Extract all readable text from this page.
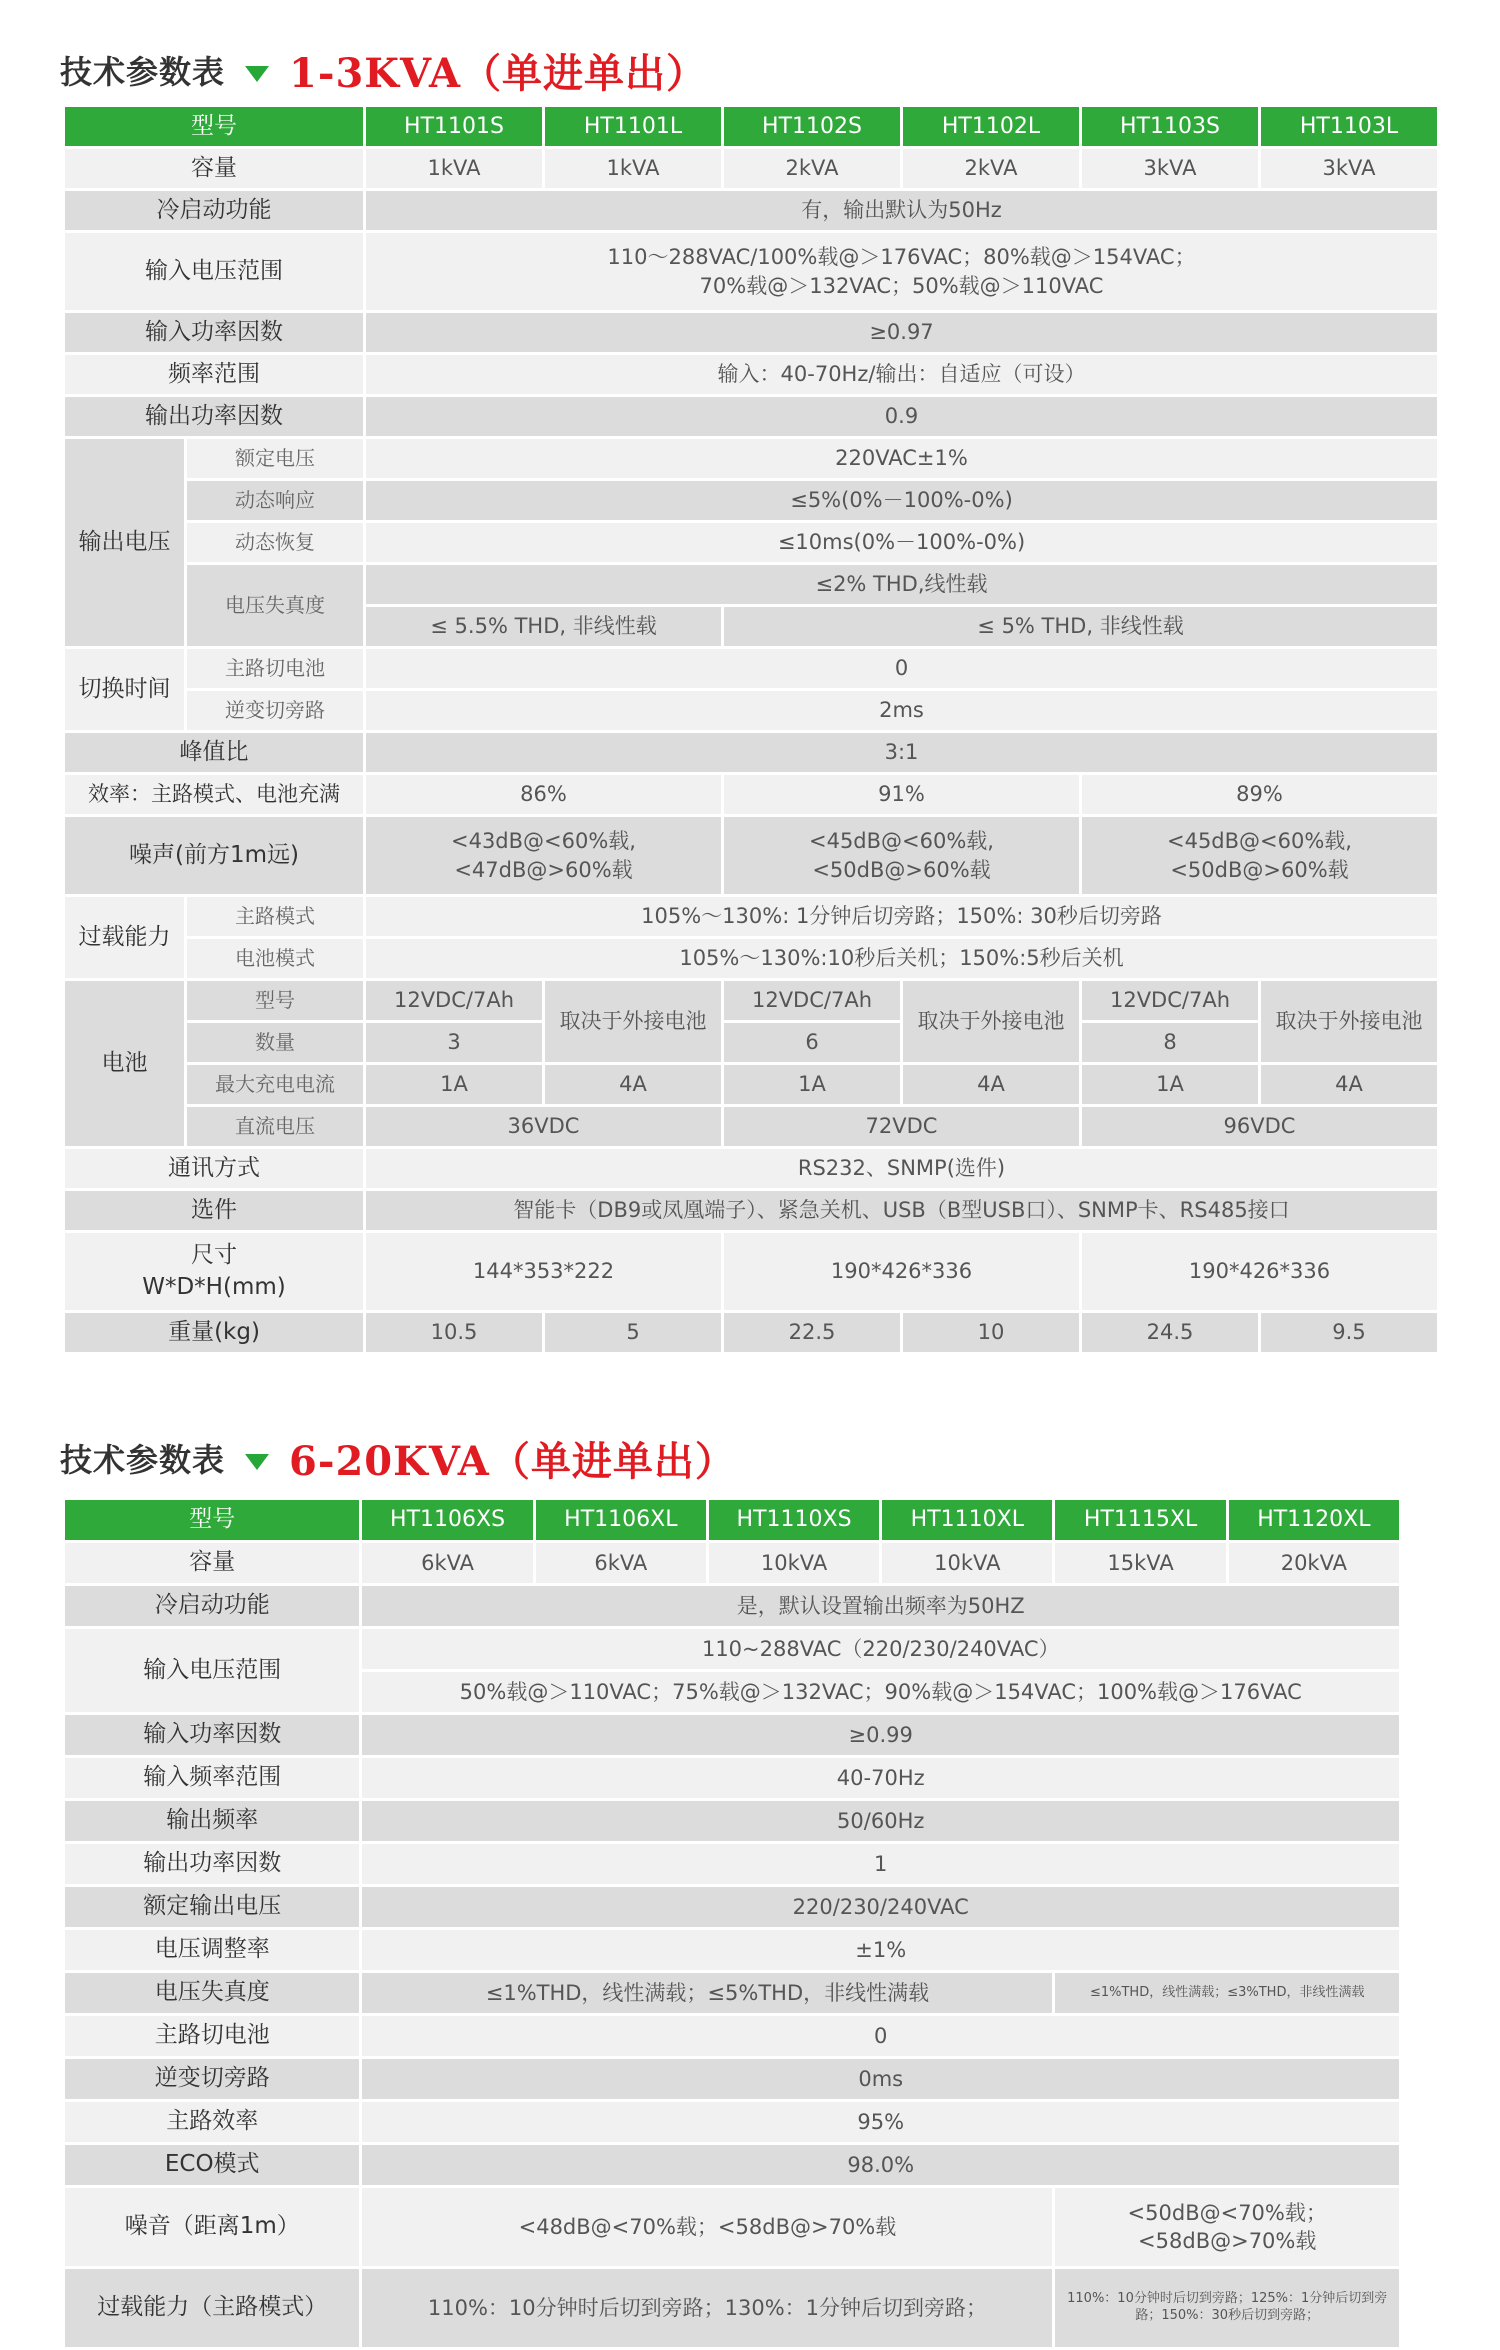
技术参数表 1-3KVA（单进单出）
型号		HT1101S	HT1101L	HT1102S	HT1102L	HT1103S	HT1103L
容量		1kVA	1kVA	2kVA	2kVA	3kVA	3kVA
冷启动功能		有，输出默认为50Hz					
输入电压范围		110～288VAC/100%载@＞176VAC；80%载@＞154VAC；
70%载@＞132VAC；50%载@＞110VAC					

输入功率因数		≥0.97					
频率范围		输入：40-70Hz/输出：自适应（可设）					
输出功率因数		0.9					
输出电压	额定电压	220VAC±1%					
	动态响应	≤5%(0%－100%-0%)					
	动态恢复	≤10ms(0%－100%-0%)					
	电压失真度	≤2% THD,线性载					
		≤ 5.5% THD, 非线性载		≤ 5% THD, 非线性载			
切换时间	主路切电池	0					
	逆变切旁路	2ms					
峰值比		3:1					
效率：主路模式、电池充满		86%		91%		89%	
噪声(前方1m远)		<43dB@<60%载,
<47dB@>60%载		<45dB@<60%载,
<50dB@>60%载		<45dB@<60%载,
<50dB@>60%载	

过载能力	主路模式	105%～130%: 1分钟后切旁路；150%: 30秒后切旁路					
	电池模式	105%～130%:10秒后关机；150%:5秒后关机					
电池	型号	12VDC/7Ah	取决于外接电池	12VDC/7Ah	取决于外接电池	12VDC/7Ah	取决于外接电池
	数量	3		6		8	
	最大充电电流	1A	4A	1A	4A	1A	4A
	直流电压	36VDC		72VDC		96VDC	
通讯方式		RS232、SNMP(选件)					
选件		智能卡（DB9或凤凰端子）、紧急关机、USB（B型USB口）、SNMP卡、RS485接口					

尺寸
W*D*H(mm)		144*353*222		190*426*336		190*426*336	
重量(kg)		10.5	5	22.5	10	24.5	9.5
技术参数表 6-20KVA（单进单出）
型号	HT1106XS	HT1106XL	HT1110XS	HT1110XL	HT1115XL	HT1120XL
容量	6kVA	6kVA	10kVA	10kVA	15kVA	20kVA
冷启动功能	是，默认设置输出频率为50HZ					
输入电压范围	110~288VAC（220/230/240VAC）					
	50%载@＞110VAC；75%载@＞132VAC；90%载@＞154VAC；100%载@＞176VAC					
输入功率因数	≥0.99					
输入频率范围	40-70Hz					
输出频率	50/60Hz					
输出功率因数	1					
额定输出电压	220/230/240VAC					
电压调整率	±1%					
电压失真度	≤1%THD，线性满载；≤5%THD，非线性满载				≤1%THD，线性满载；≤3%THD，非线性满载	
主路切电池	0					
逆变切旁路	0ms					
主路效率	95%					
ECO模式	98.0%					
噪音（距离1m）	<48dB@<70%载；<58dB@>70%载				<50dB@<70%载；
<58dB@>70%载	

过载能力（主路模式）	110%：10分钟时后切到旁路；130%：1分钟后切到旁路；				110%：10分钟时后切到旁路；125%：1分钟后切到旁路；150%：30秒后切到旁路；	
